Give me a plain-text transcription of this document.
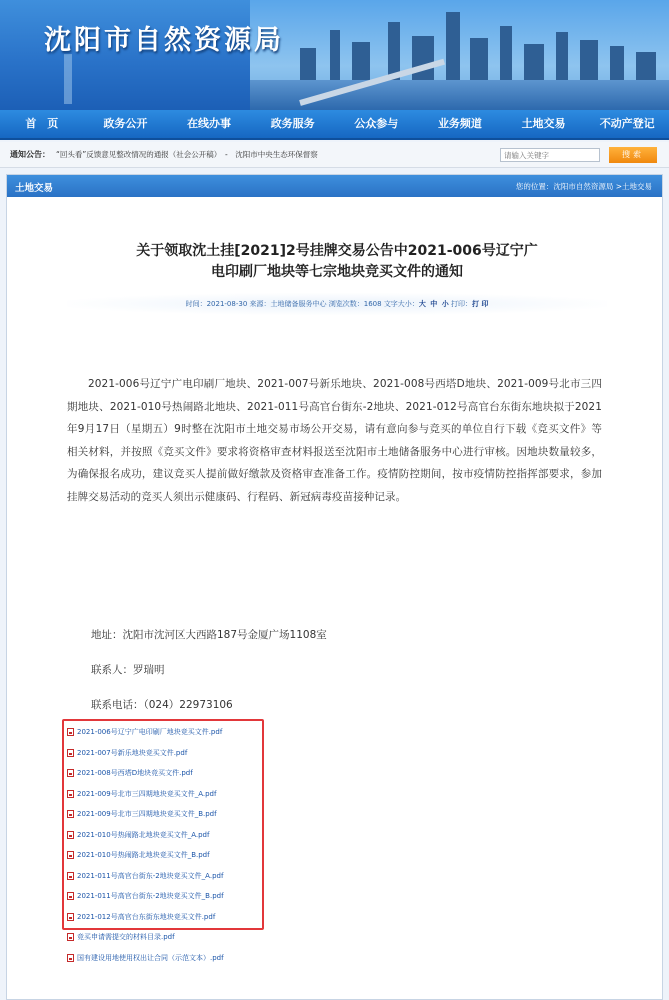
沈阳市自然资源局
首　页	政务公开	在线办事	政务服务	公众参与	业务频道	土地交易	不动产登记
通知公告： “回头看”反馈意见整改情况的通报（社会公开稿）　-　沈阳市中央生态环保督察
请输入关键字	搜索
土地交易	您的位置：沈阳市自然资源局 >土地交易
关于领取沈土挂[2021]2号挂牌交易公告中2021-006号辽宁广
电印刷厂地块等七宗地块竞买文件的通知
时间：2021-08-30 来源：土地储备服务中心 浏览次数：1608 文字大小：大 中 小 打印：打 印
2021-006号辽宁广电印刷厂地块、2021-007号新乐地块、2021-008号西塔D地块、2021-009号北市三四期地块、2021-010号热闹路北地块、2021-011号高官台街东-2地块、2021-012号高官台东街东地块拟于2021年9月17日（星期五）9时整在沈阳市土地交易市场公开交易，请有意向参与竞买的单位自行下载《竞买文件》等相关材料，并按照《竞买文件》要求将资格审查材料报送至沈阳市土地储备服务中心进行审核。因地块数量较多，为确保报名成功，建议竞买人提前做好缴款及资格审查准备工作。疫情防控期间，按市疫情防控指挥部要求，参加挂牌交易活动的竞买人须出示健康码、行程码、新冠病毒疫苗接种记录。
地址：沈阳市沈河区大西路187号金厦广场1108室
联系人：罗瑞明
联系电话：（024）22973106
2021-006号辽宁广电印刷厂地块竞买文件.pdf
2021-007号新乐地块竞买文件.pdf
2021-008号西塔D地块竞买文件.pdf
2021-009号北市三四期地块竞买文件_A.pdf
2021-009号北市三四期地块竞买文件_B.pdf
2021-010号热闹路北地块竞买文件_A.pdf
2021-010号热闹路北地块竞买文件_B.pdf
2021-011号高官台街东-2地块竞买文件_A.pdf
2021-011号高官台街东-2地块竞买文件_B.pdf
2021-012号高官台东街东地块竞买文件.pdf
竞买申请需提交的材料目录.pdf
国有建设用地使用权出让合同（示范文本）.pdf
